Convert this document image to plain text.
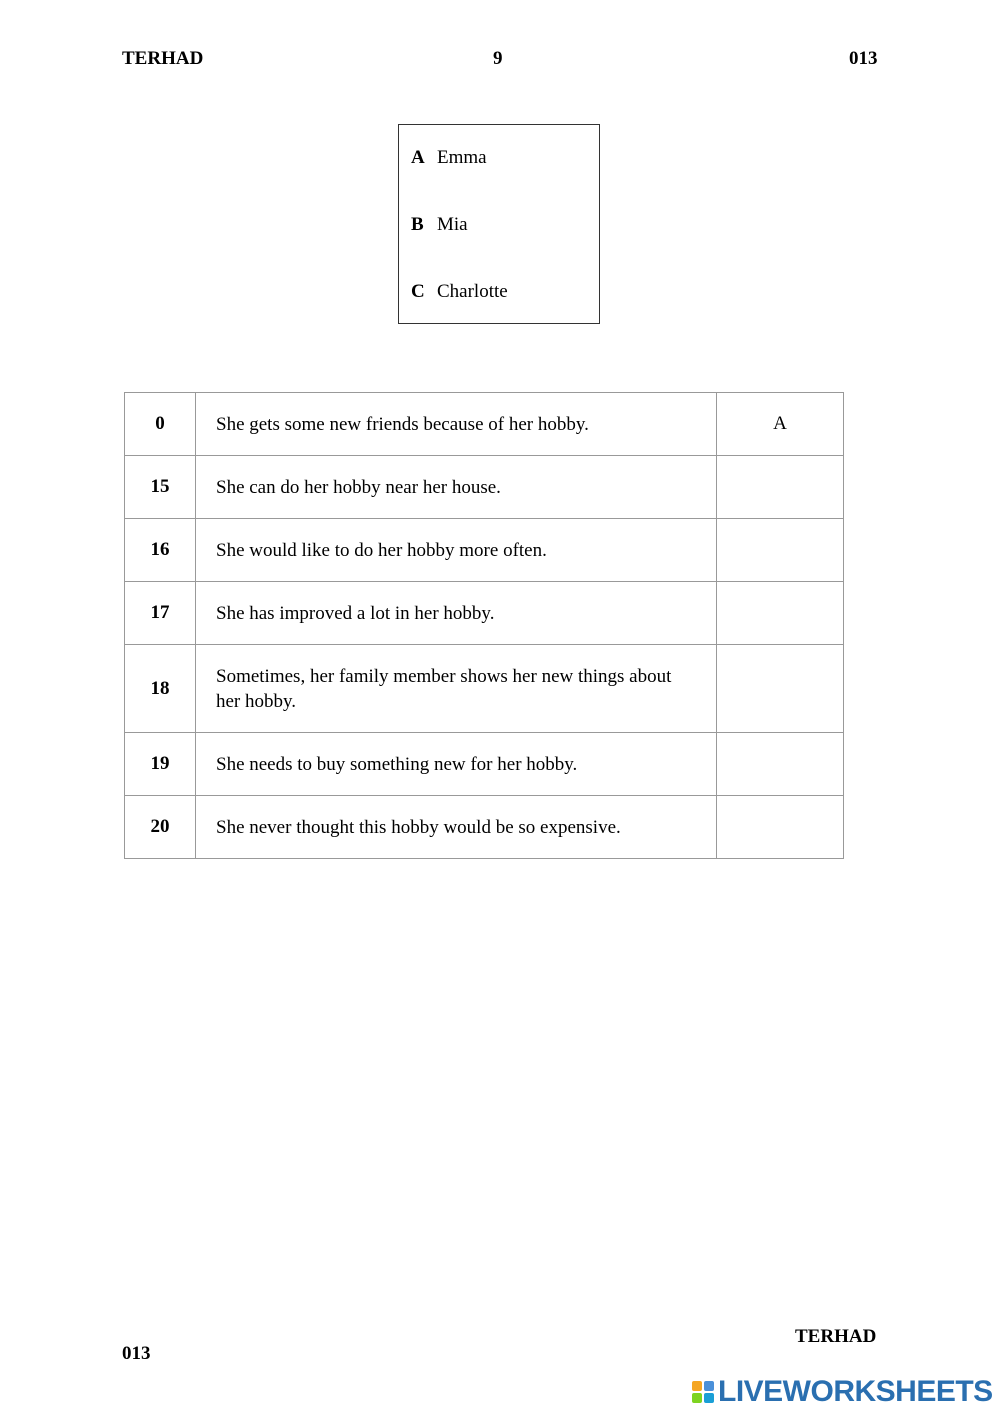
TERHAD	9	013
A Emma
B Mia
C Charlotte
0	She gets some new friends because of her hobby.	A
15	She can do her hobby near her house.	
16	She would like to do her hobby more often.	
17	She has improved a lot in her hobby.	
18	Sometimes, her family member shows her new things about her hobby.	
19	She needs to buy something new for her hobby.	
20	She never thought this hobby would be so expensive.	
013
TERHAD
LIVEWORKSHEETS
